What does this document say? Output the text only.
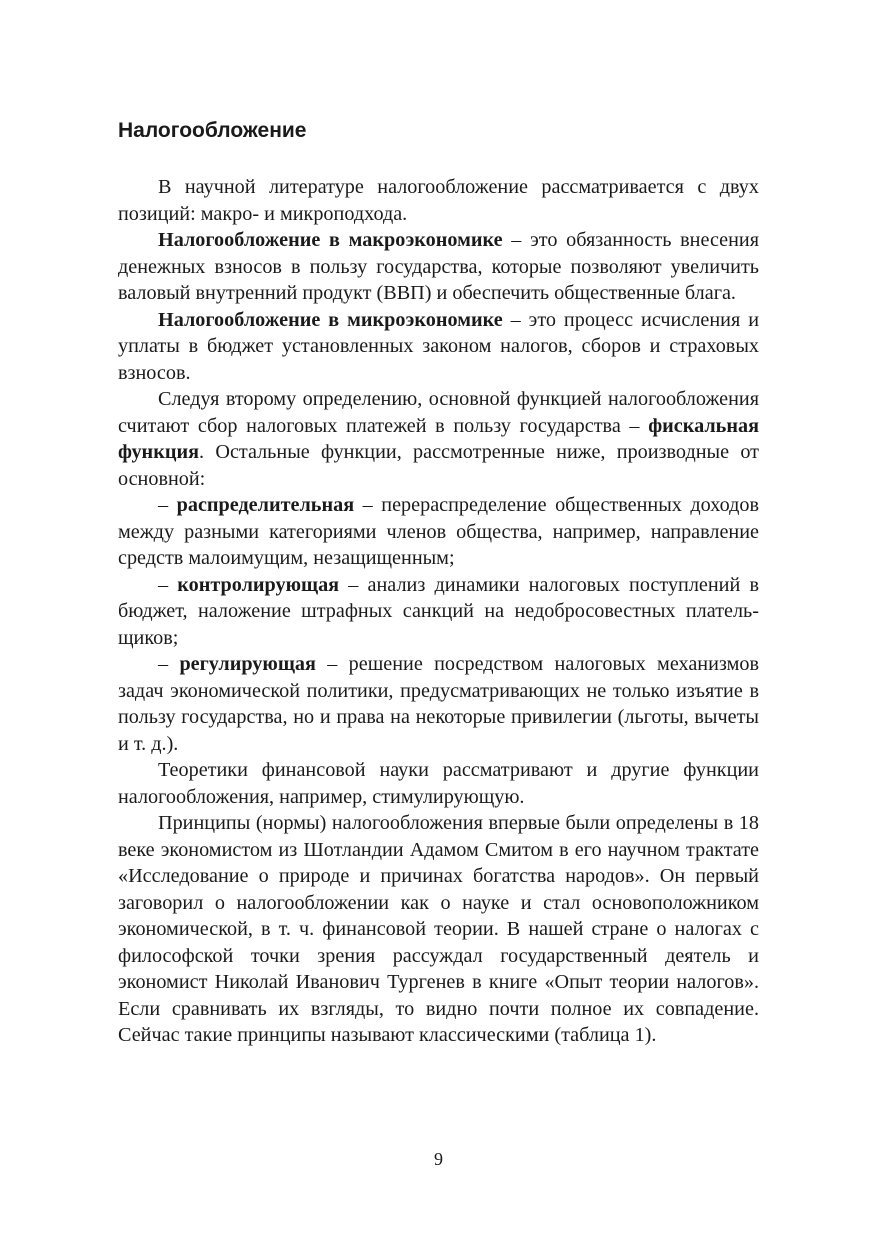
Налогообложение

В научной литературе налогообложение рассматривается с двух позиций: макро- и микроподхода.

Налогообложение в макроэкономике – это обязанность внесения денежных взносов в пользу государства, которые позволяют увеличить валовый внутренний продукт (ВВП) и обеспечить общественные блага.

Налогообложение в микроэкономике – это процесс исчисления и уплаты в бюджет установленных законом налогов, сборов и страховых взносов.

Следуя второму определению, основной функцией налогообложения считают сбор налоговых платежей в пользу государства – фискальная функция. Остальные функции, рассмотренные ниже, производные от основной:

– распределительная – перераспределение общественных доходов между разными категориями членов общества, например, направление средств малоимущим, незащищенным;

– контролирующая – анализ динамики налоговых поступлений в бюджет, наложение штрафных санкций на недобросовестных плательщиков;

– регулирующая – решение посредством налоговых механизмов задач экономической политики, предусматривающих не только изъятие в пользу государства, но и права на некоторые привилегии (льготы, вычеты и т. д.).

Теоретики финансовой науки рассматривают и другие функции налогообложения, например, стимулирующую.

Принципы (нормы) налогообложения впервые были определены в 18 веке экономистом из Шотландии Адамом Смитом в его научном трактате «Исследование о природе и причинах богатства народов». Он первый заговорил о налогообложении как о науке и стал основоположником экономической, в т. ч. финансовой теории. В нашей стране о налогах с философской точки зрения рассуждал государственный деятель и экономист Николай Иванович Тургенев в книге «Опыт теории налогов». Если сравнивать их взгляды, то видно почти полное их совпадение. Сейчас такие принципы называют классическими (таблица 1).

9
